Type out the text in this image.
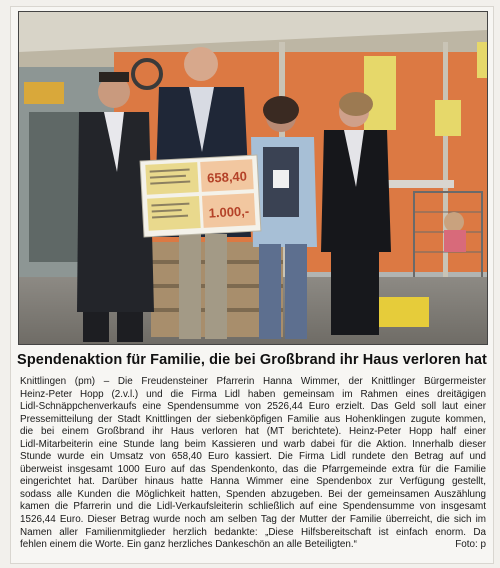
658,40
1.000,-
Spendenaktion für Familie, die bei Großbrand ihr Haus verloren hat
Knittlingen (pm) – Die Freudensteiner Pfarrerin Hanna Wimmer, der Knittlinger Bürgermeister
Heinz-Peter Hopp (2.v.l.) und die Firma Lidl haben gemeinsam im Rahmen eines dreitägigen
Lidl-Schnäppchenverkaufs eine Spendensumme von 2526,44 Euro erzielt. Das Geld soll laut einer
Pressemitteilung der Stadt Knittlingen der siebenköpfigen Familie aus Hohenklingen zugute kommen,
die bei einem Großbrand ihr Haus verloren hat (MT berichtete). Heinz-Peter Hopp half einer
Lidl-Mitarbeiterin eine Stunde lang beim Kassieren und warb dabei für die Aktion. Innerhalb dieser
Stunde wurde ein Umsatz von 658,40 Euro kassiert. Die Firma Lidl rundete den Betrag auf und
überweist insgesamt 1000 Euro auf das Spendenkonto, das die Pfarrgemeinde extra für die Familie
eingerichtet hat. Darüber hinaus hatte Hanna Wimmer eine Spendenbox zur Verfügung gestellt,
sodass alle Kunden die Möglichkeit hatten, Spenden abzugeben. Bei der gemeinsamen Auszählung
kamen die Pfarrerin und die Lidl-Verkaufsleiterin schließlich auf eine Spendensumme von insgesamt
1526,44 Euro. Dieser Betrag wurde noch am selben Tag der Mutter der Familie überreicht, die sich im
Namen aller Familienmitglieder herzlich bedankte: „Diese Hilfsbereitschaft ist einfach enorm. Da
fehlen einem die Worte. Ein ganz herzliches Dankeschön an alle Beteiligten.“	Foto: p
